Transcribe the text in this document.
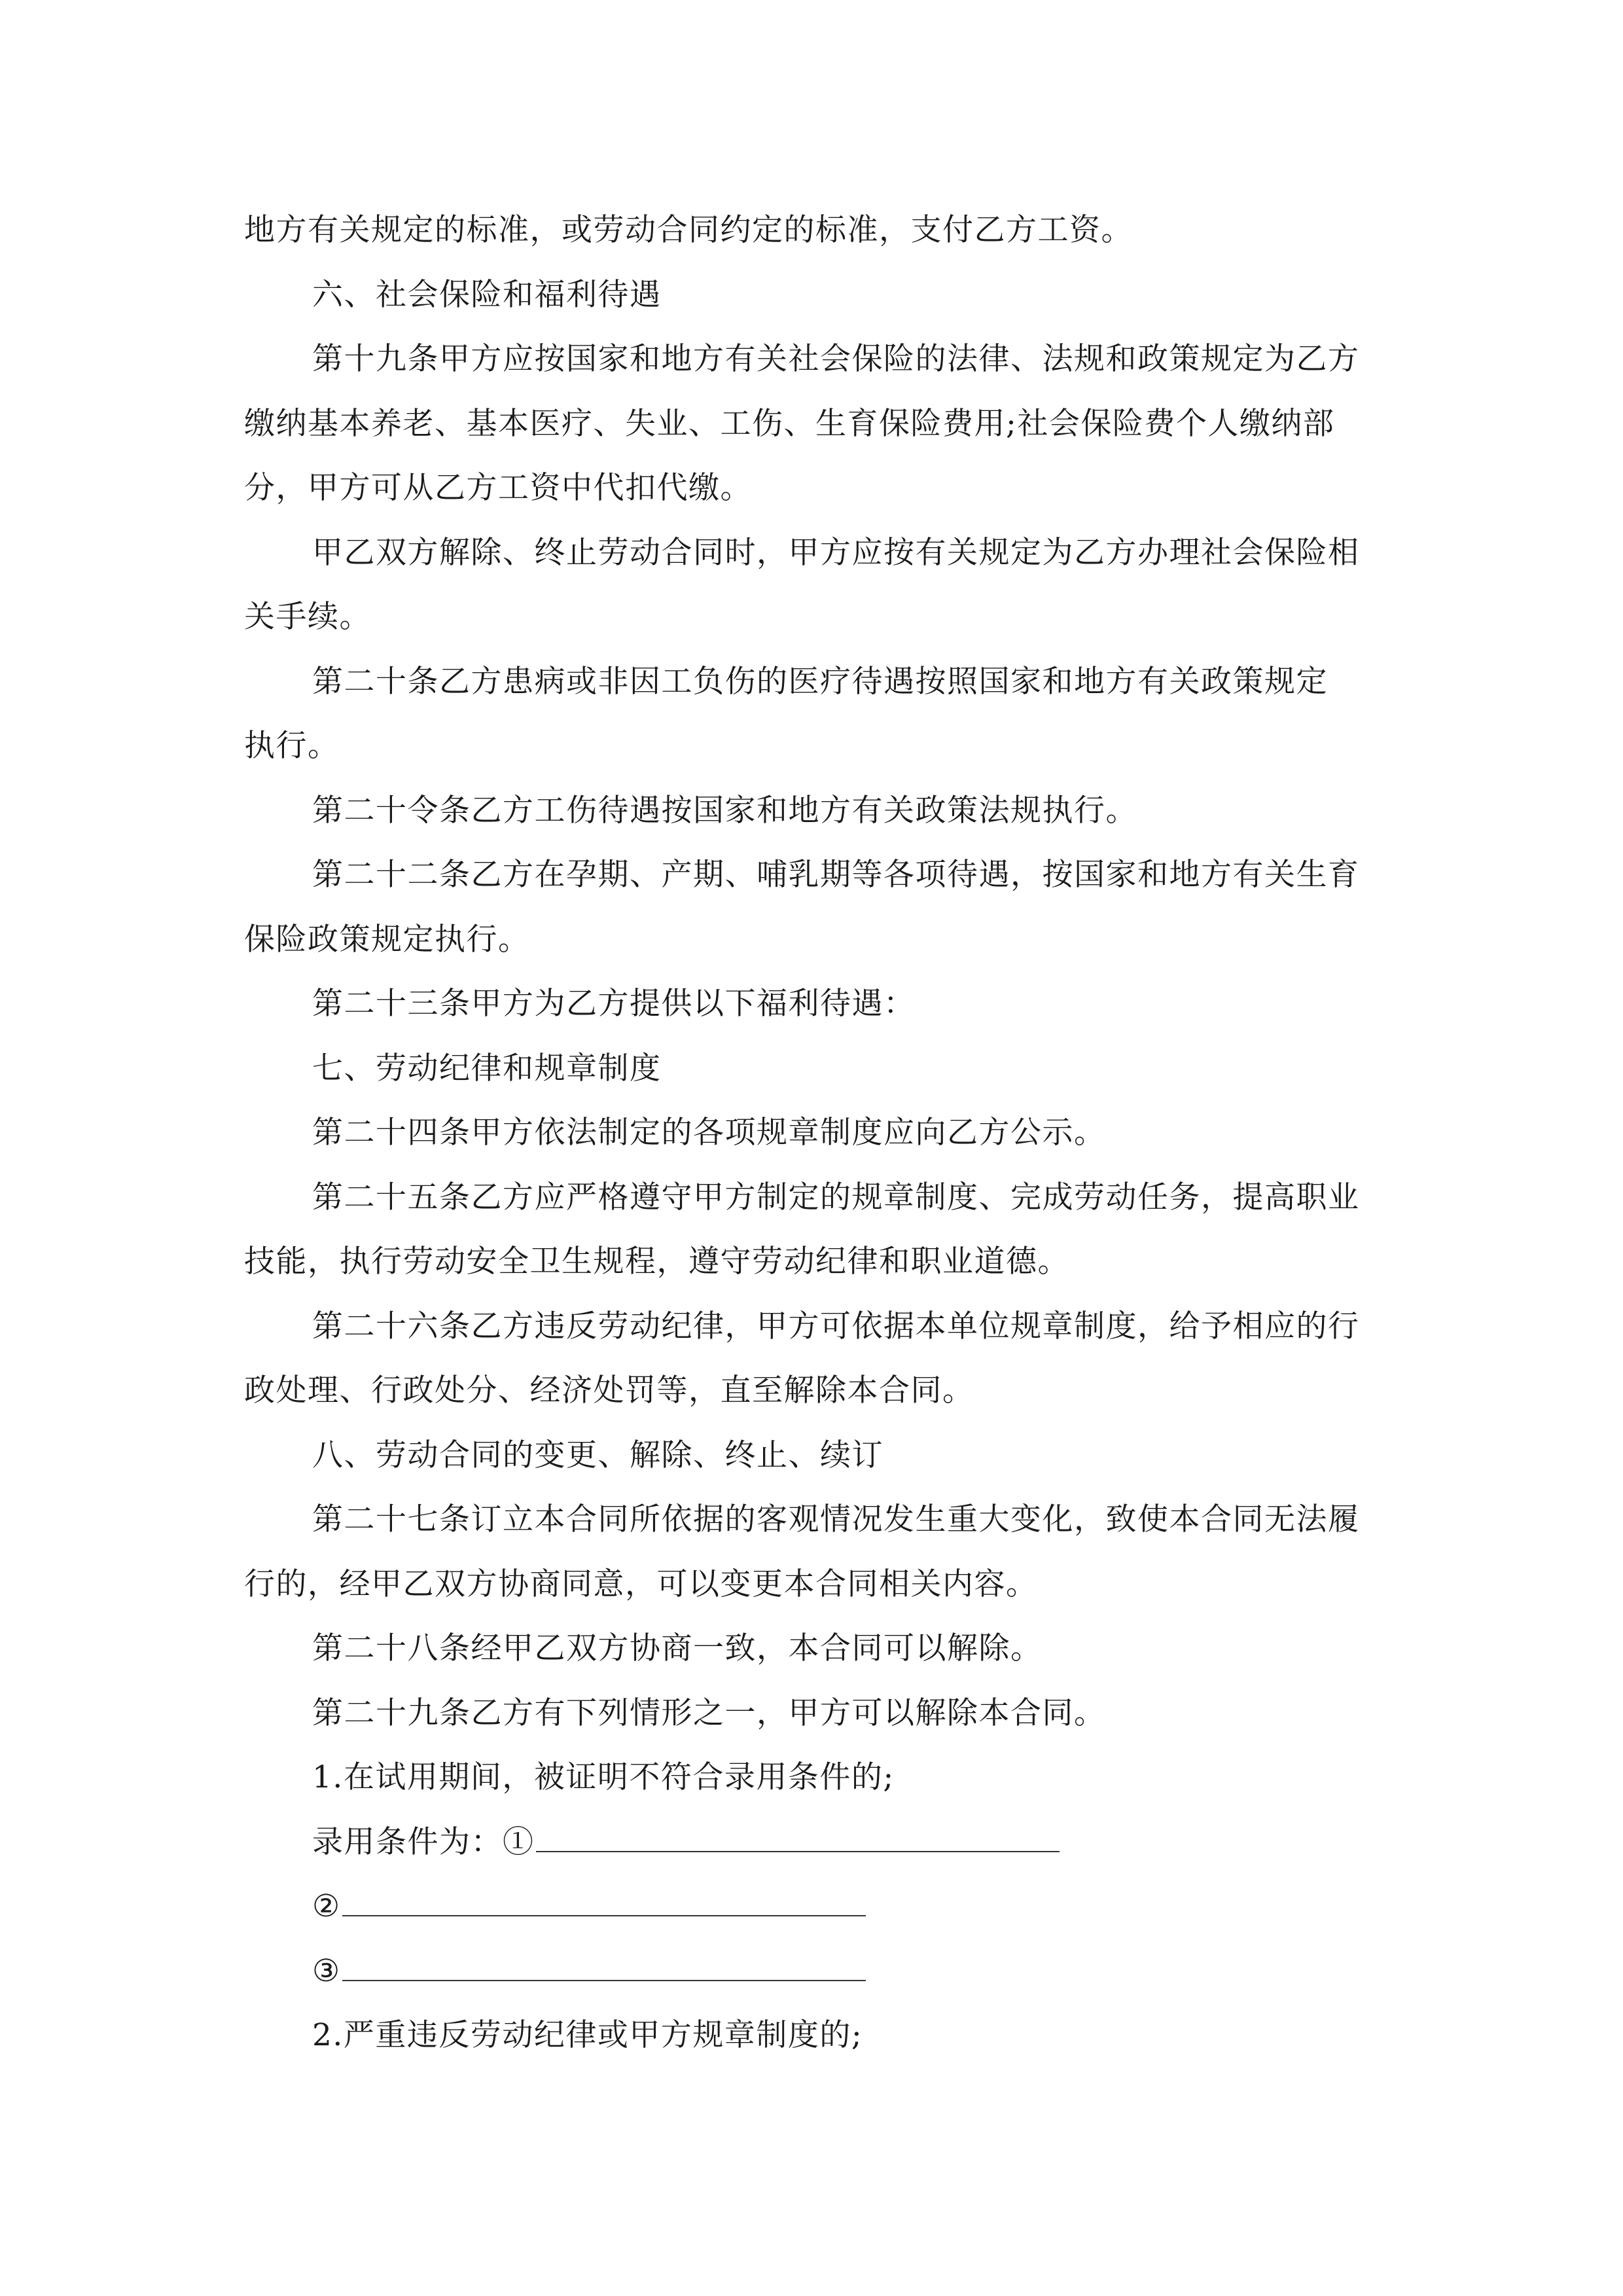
地方有关规定的标准，或劳动合同约定的标准，支付乙方工资。
六、社会保险和福利待遇
第十九条甲方应按国家和地方有关社会保险的法律、法规和政策规定为乙方
缴纳基本养老、基本医疗、失业、工伤、生育保险费用;社会保险费个人缴纳部
分，甲方可从乙方工资中代扣代缴。
甲乙双方解除、终止劳动合同时，甲方应按有关规定为乙方办理社会保险相
关手续。
第二十条乙方患病或非因工负伤的医疗待遇按照国家和地方有关政策规定
执行。
第二十令条乙方工伤待遇按国家和地方有关政策法规执行。
第二十二条乙方在孕期、产期、哺乳期等各项待遇，按国家和地方有关生育
保险政策规定执行。
第二十三条甲方为乙方提供以下福利待遇：
七、劳动纪律和规章制度
第二十四条甲方依法制定的各项规章制度应向乙方公示。
第二十五条乙方应严格遵守甲方制定的规章制度、完成劳动任务，提高职业
技能，执行劳动安全卫生规程，遵守劳动纪律和职业道德。
第二十六条乙方违反劳动纪律，甲方可依据本单位规章制度，给予相应的行
政处理、行政处分、经济处罚等，直至解除本合同。
八、劳动合同的变更、解除、终止、续订
第二十七条订立本合同所依据的客观情况发生重大变化，致使本合同无法履
行的，经甲乙双方协商同意，可以变更本合同相关内容。
第二十八条经甲乙双方协商一致，本合同可以解除。
第二十九条乙方有下列情形之一，甲方可以解除本合同。
1.在试用期间，被证明不符合录用条件的;
录用条件为：①
②
③
2.严重违反劳动纪律或甲方规章制度的;
